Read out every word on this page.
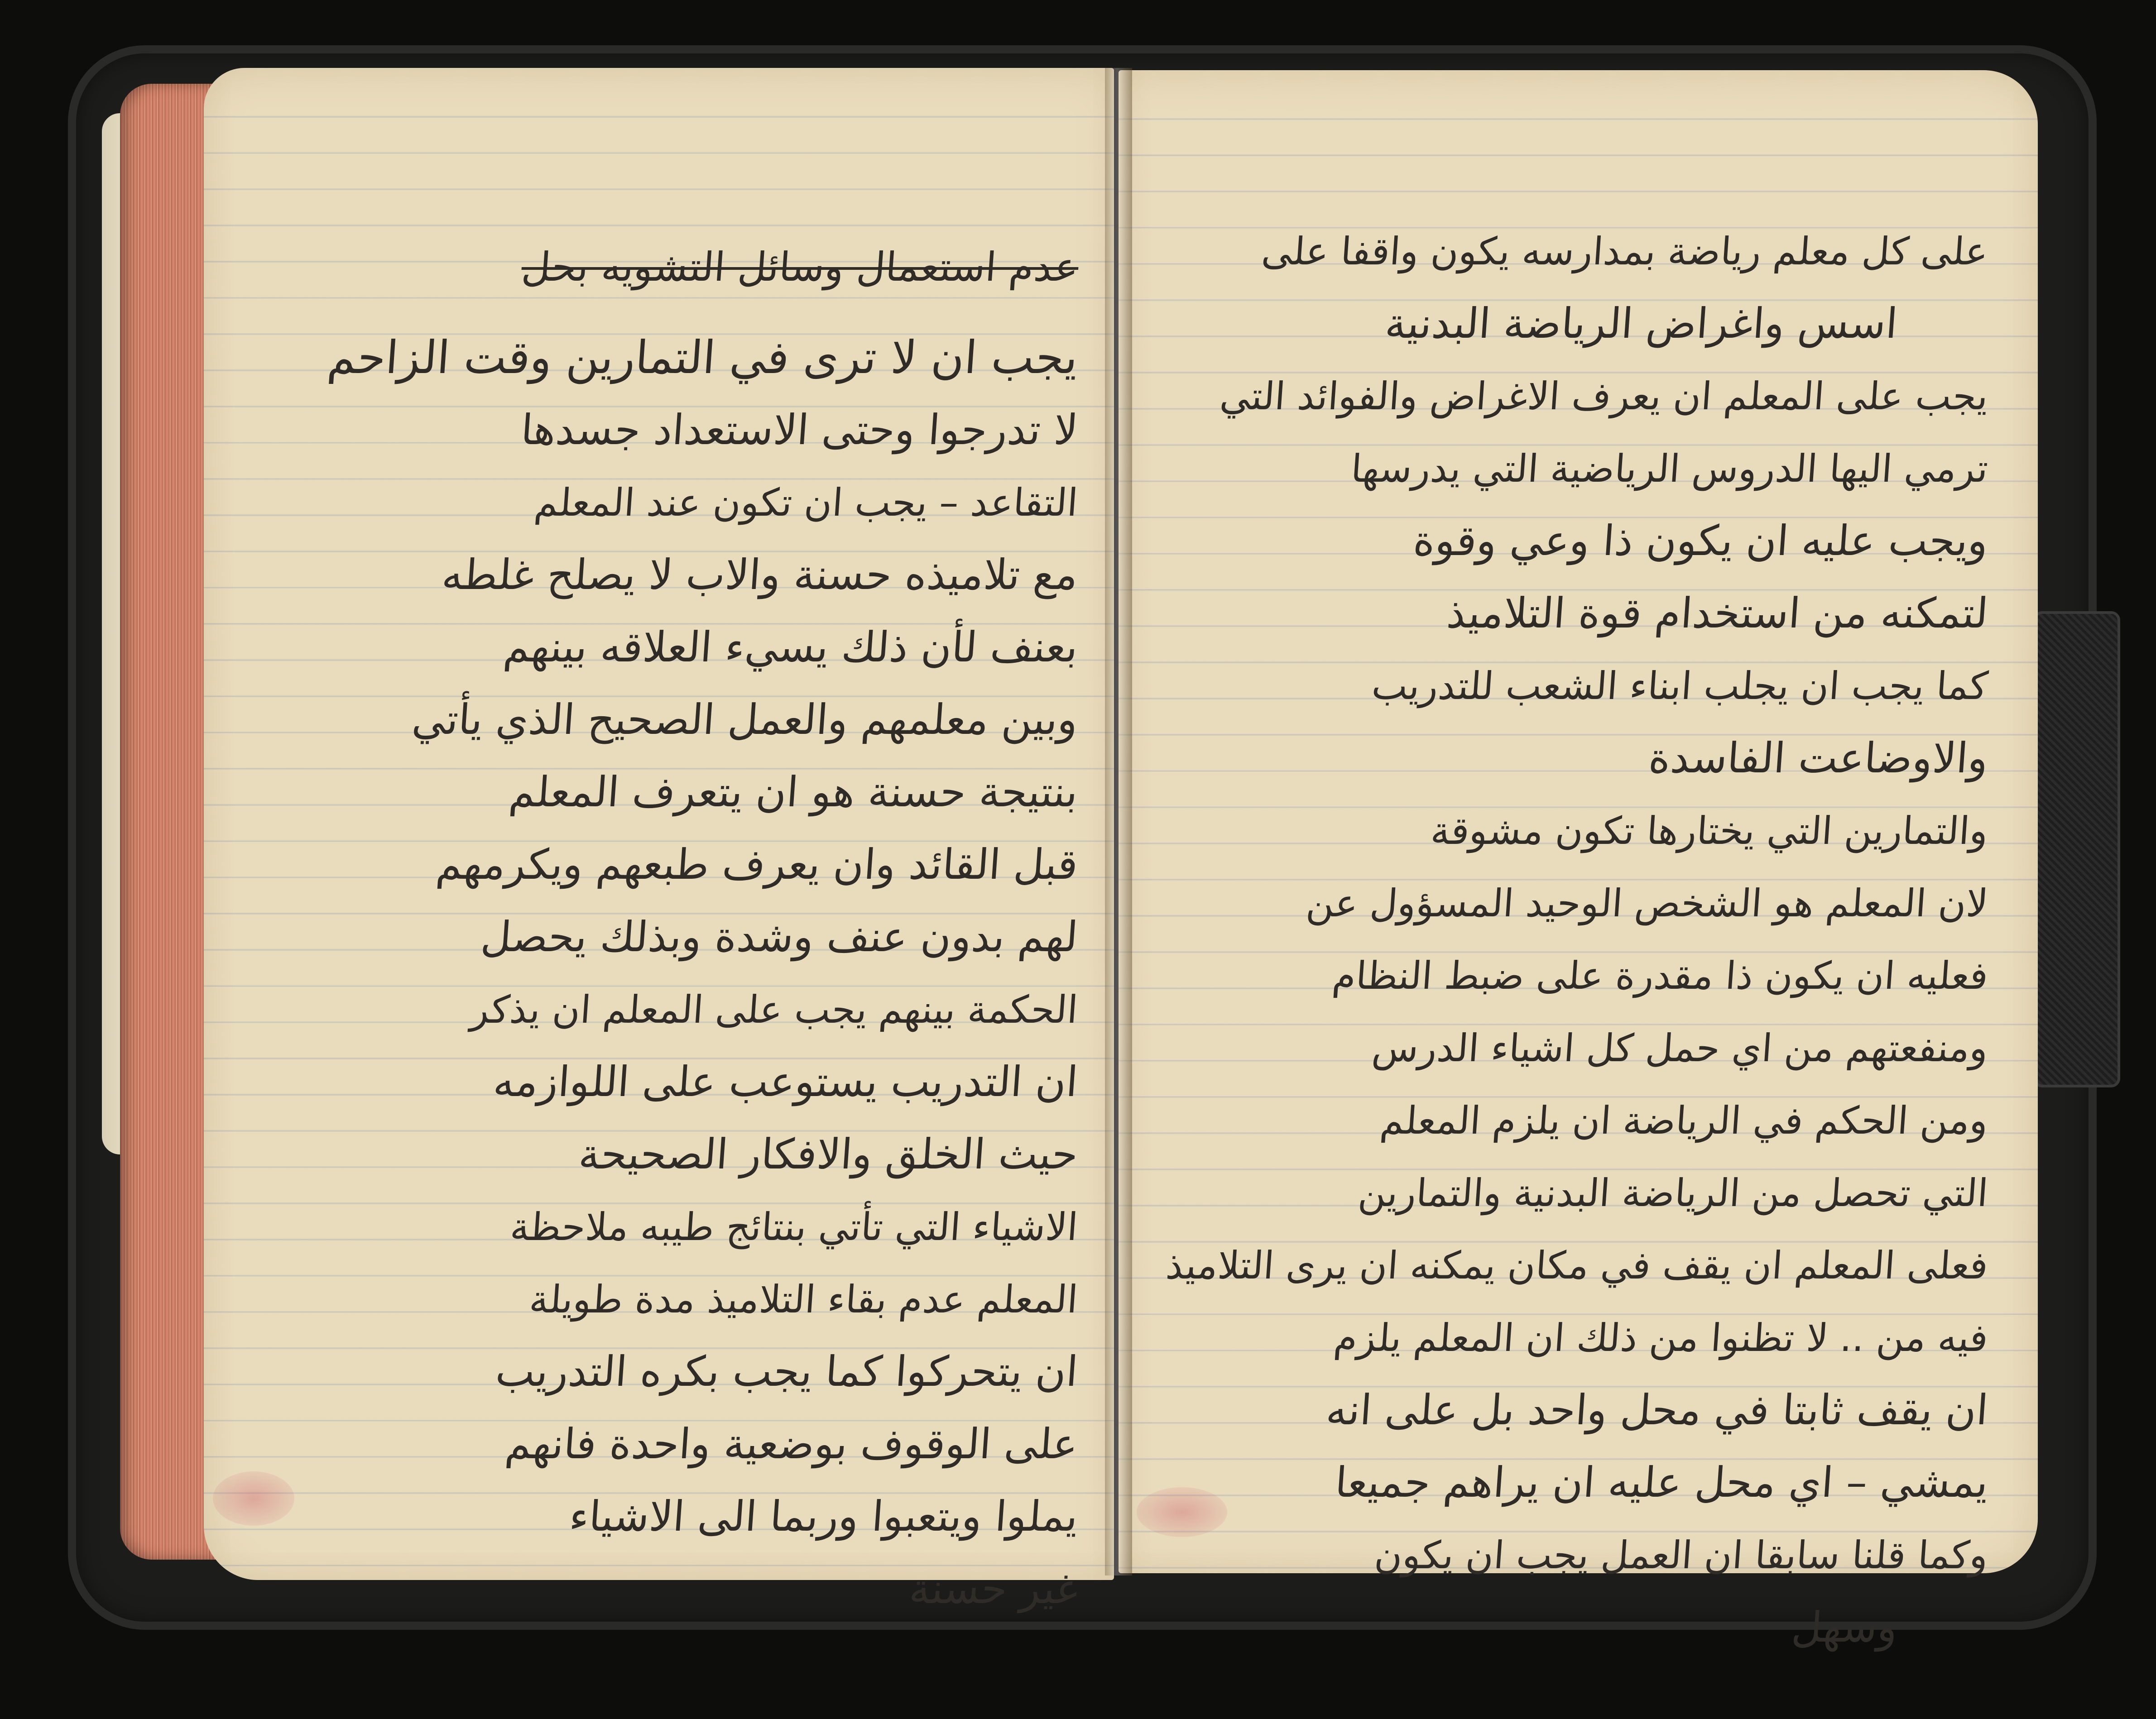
عدم استعمال وسائل التشويه بحل
يجب ان لا ترى في التمارين وقت الزاحم
لا تدرجوا وحتى الاستعداد جسدها
التقاعد – يجب ان تكون عند المعلم
مع تلاميذه حسنة والاب لا يصلح غلطه
بعنف لأن ذلك يسيء العلاقه بينهم
وبين معلمهم والعمل الصحيح الذي يأتي
بنتيجة حسنة هو ان يتعرف المعلم
قبل القائد وان يعرف طبعهم ويكرمهم
لهم بدون عنف وشدة وبذلك يحصل
الحكمة بينهم يجب على المعلم ان يذكر
ان التدريب يستوعب على اللوازمه
حيث الخلق والافكار الصحيحة
الاشياء التي تأتي بنتائج طيبه ملاحظة
المعلم عدم بقاء التلاميذ مدة طويلة
ان يتحركوا كما يجب بكره التدريب
على الوقوف بوضعية واحدة فانهم
يملوا ويتعبوا وربما الى الاشياء
غير حسنة
على كل معلم رياضة بمدارسه يكون واقفا على
اسس واغراض الرياضة البدنية
يجب على المعلم ان يعرف الاغراض والفوائد التي
ترمي اليها الدروس الرياضية التي يدرسها
ويجب عليه ان يكون ذا وعي وقوة
لتمكنه من استخدام قوة التلاميذ
كما يجب ان يجلب ابناء الشعب للتدريب
والاوضاعت الفاسدة
والتمارين التي يختارها تكون مشوقة
لان المعلم هو الشخص الوحيد المسؤول عن
فعليه ان يكون ذا مقدرة على ضبط النظام
ومنفعتهم من اي حمل كل اشياء الدرس
ومن الحكم في الرياضة ان يلزم المعلم
التي تحصل من الرياضة البدنية والتمارين
فعلى المعلم ان يقف في مكان يمكنه ان يرى التلاميذ
فيه من .. لا تظنوا من ذلك ان المعلم يلزم
ان يقف ثابتا في محل واحد بل على انه
يمشي – اي محل عليه ان يراهم جميعا
وكما قلنا سابقا ان العمل يجب ان يكون
وسهل
